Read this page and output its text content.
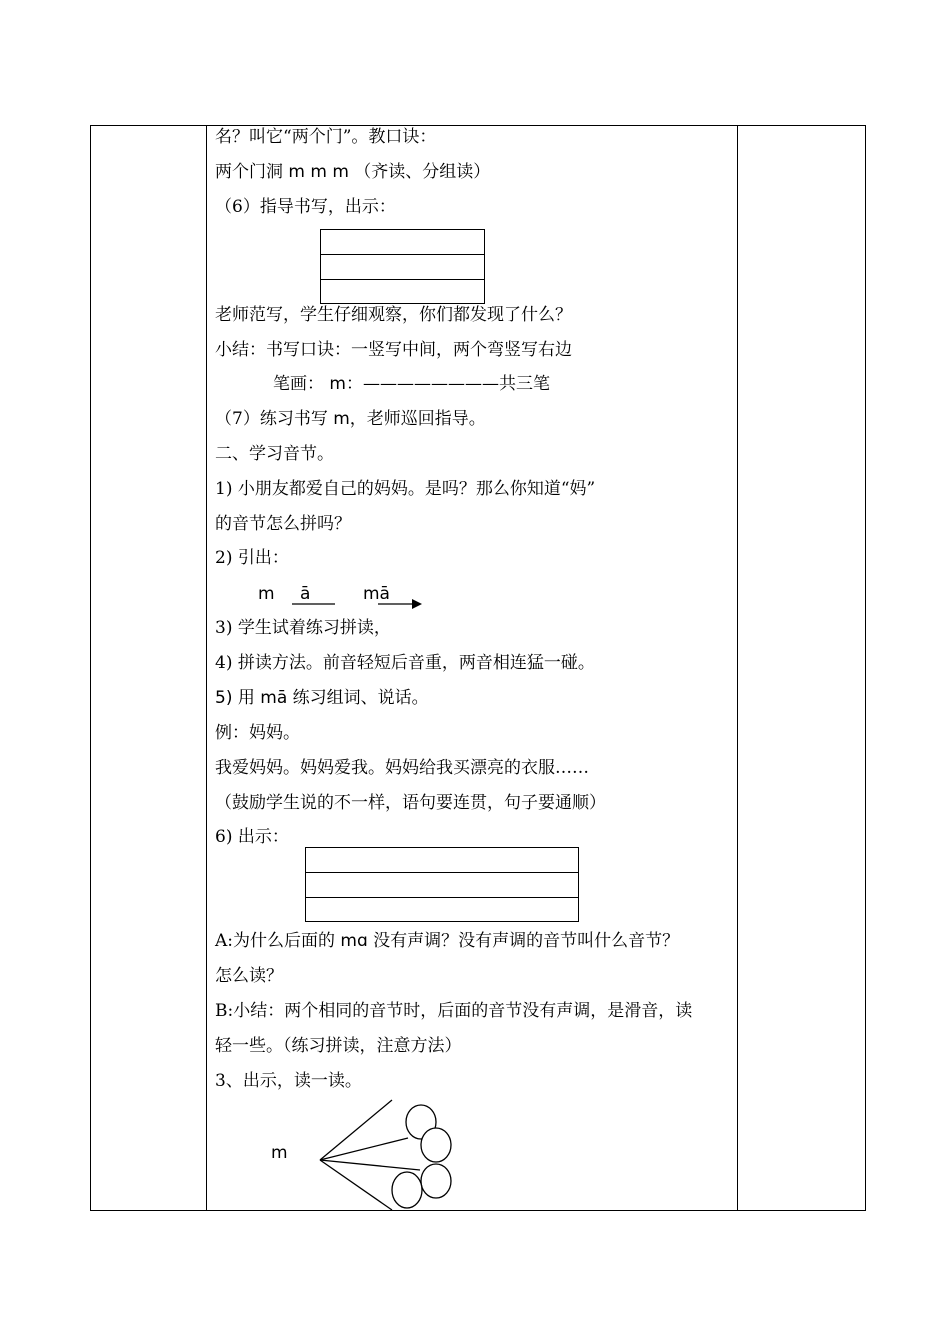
名？叫它“两个门”。教口诀：
两个门洞 m m m （齐读、分组读）
（6）指导书写，出示：
老师范写，学生仔细观察，你们都发现了什么？
小结：书写口诀：一竖写中间，两个弯竖写右边
笔画： m：————————共三笔
（7）练习书写 m，老师巡回指导。
二、学习音节。
1) 小朋友都爱自己的妈妈。是吗？那么你知道“妈”
的音节怎么拼吗？
2) 引出：
m ā	mā
3) 学生试着练习拼读，
4) 拼读方法。前音轻短后音重，两音相连猛一碰。
5) 用 mā 练习组词、说话。
例：妈妈。
我爱妈妈。妈妈爱我。妈妈给我买漂亮的衣服……
（鼓励学生说的不一样，语句要连贯，句子要通顺）
6) 出示：
A:为什么后面的 mɑ 没有声调？没有声调的音节叫什么音节？
怎么读？
B:小结：两个相同的音节时，后面的音节没有声调，是滑音，读
轻一些。（练习拼读，注意方法）
3、出示，读一读。
m
